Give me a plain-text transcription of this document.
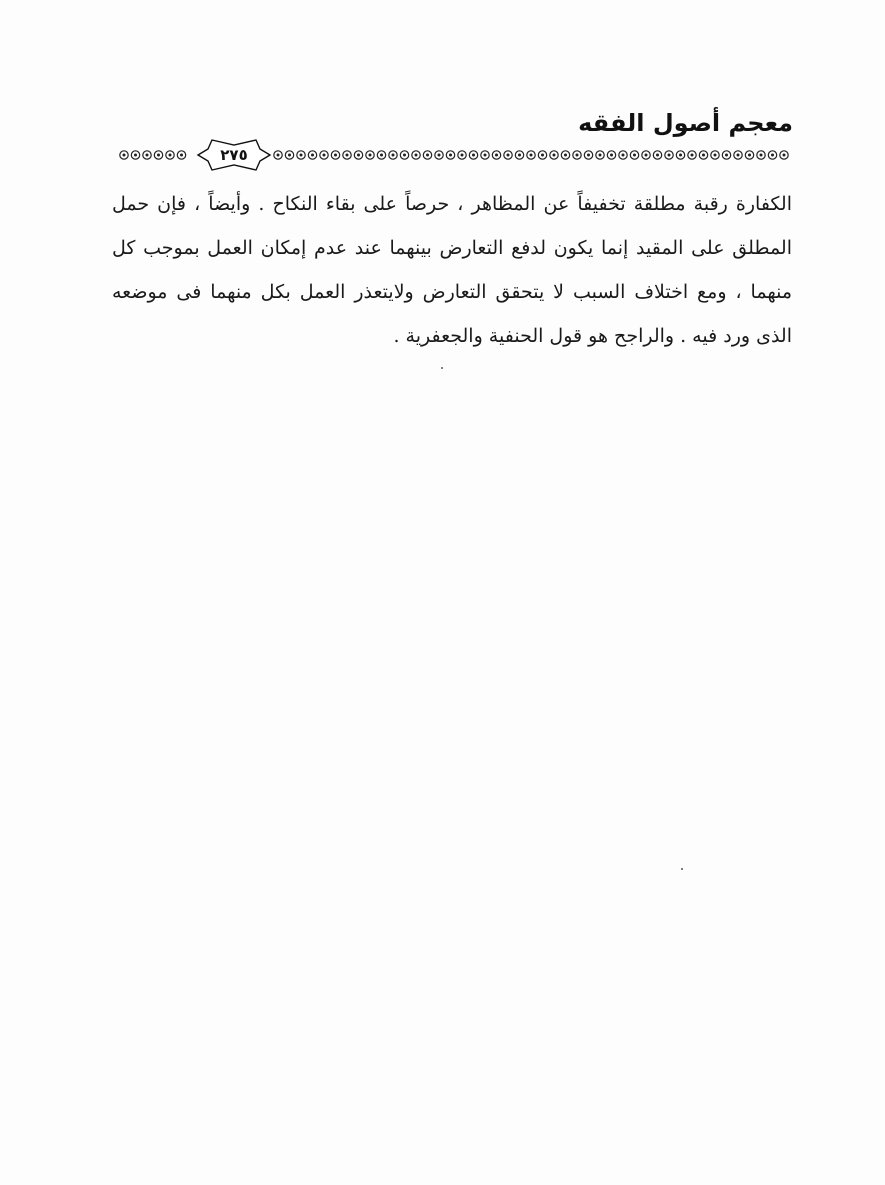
معجم أصول الفقه
٢٧٥

الكفارة رقبة مطلقة تخفيفاً عن المظاهر ، حرصاً على بقاء النكاح . وأيضاً ، فإن حمل المطلق على المقيد إنما يكون لدفع التعارض بينهما عند عدم إمكان العمل بموجب كل منهما ، ومع اختلاف السبب لا يتحقق التعارض ولايتعذر العمل بكل منهما فى موضعه الذى ورد فيه . والراجح هو قول الحنفية والجعفرية .
